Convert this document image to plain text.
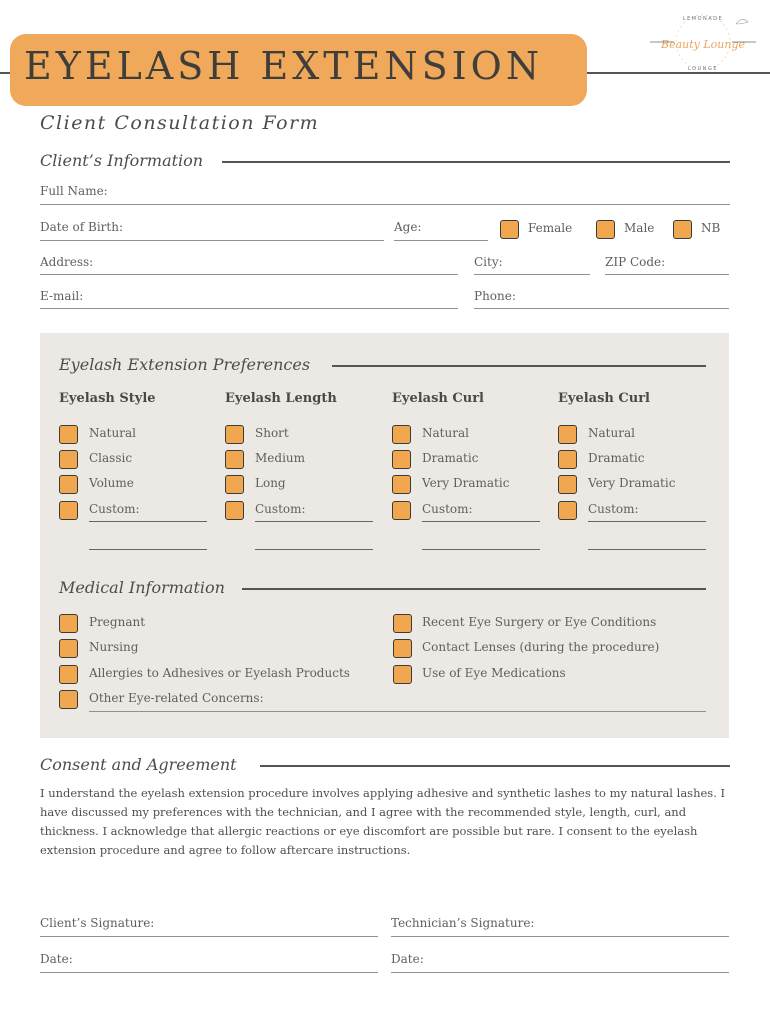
EYELASH EXTENSION
Client Consultation Form
Beauty Lounge
LEMONADE
LOUNGE
Client’s Information
Full Name:
Date of Birth:	Age:	Female	Male	NB
Address:	City:	ZIP Code:
E-mail:	Phone:
Eyelash Extension Preferences
Eyelash Style
Natural
Classic
Volume
Custom:
Eyelash Length
Short
Medium
Long
Custom:
Eyelash Curl
Natural
Dramatic
Very Dramatic
Custom:
Eyelash Curl
Natural
Dramatic
Very Dramatic
Custom:
Medical Information
Pregnant
Nursing
Allergies to Adhesives or Eyelash Products
Other Eye-related Concerns:
Recent Eye Surgery or Eye Conditions
Contact Lenses (during the procedure)
Use of Eye Medications
Consent and Agreement
I understand the eyelash extension procedure involves applying adhesive and synthetic lashes to my natural lashes. I have discussed my preferences with the technician, and I agree with the recommended style, length, curl, and thickness. I acknowledge that allergic reactions or eye discomfort are possible but rare. I consent to the eyelash extension procedure and agree to follow aftercare instructions.
Client’s Signature:	Technician’s Signature:
Date:	Date:
